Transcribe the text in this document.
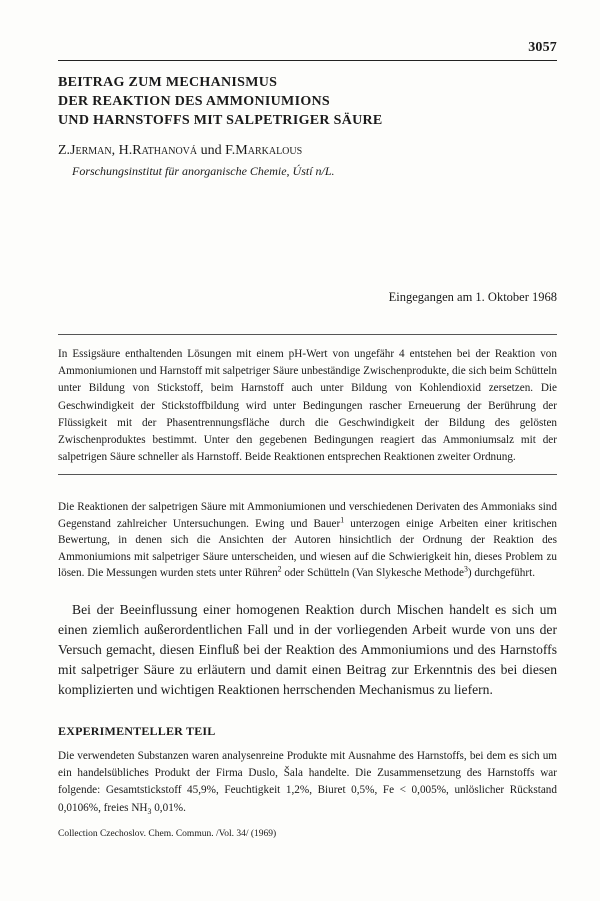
3057
BEITRAG ZUM MECHANISMUS
DER REAKTION DES AMMONIUMIONS
UND HARNSTOFFS MIT SALPETRIGER SÄURE
Z.Jerman, H.Rathanová und F.Markalous
Forschungsinstitut für anorganische Chemie, Ústí n/L.
Eingegangen am 1. Oktober 1968
In Essigsäure enthaltenden Lösungen mit einem pH-Wert von ungefähr 4 entstehen bei der Reaktion von Ammoniumionen und Harnstoff mit salpetriger Säure unbeständige Zwischenprodukte, die sich beim Schütteln unter Bildung von Stickstoff, beim Harnstoff auch unter Bildung von Kohlendioxid zersetzen. Die Geschwindigkeit der Stickstoffbildung wird unter Bedingungen rascher Erneuerung der Berührung der Flüssigkeit mit der Phasentrennungsfläche durch die Geschwindigkeit der Bildung des gelösten Zwischenproduktes bestimmt. Unter den gegebenen Bedingungen reagiert das Ammoniumsalz mit der salpetrigen Säure schneller als Harnstoff. Beide Reaktionen entsprechen Reaktionen zweiter Ordnung.
Die Reaktionen der salpetrigen Säure mit Ammoniumionen und verschiedenen Derivaten des Ammoniaks sind Gegenstand zahlreicher Untersuchungen. Ewing und Bauer$^1$ unterzogen einige Arbeiten einer kritischen Bewertung, in denen sich die Ansichten der Autoren hinsichtlich der Ordnung der Reaktion des Ammoniumions mit salpetriger Säure unterscheiden, und wiesen auf die Schwierigkeit hin, dieses Problem zu lösen. Die Messungen wurden stets unter Rühren$^2$ oder Schütteln (Van Slykesche Methode$^3$) durchgeführt.

Bei der Beeinflussung einer homogenen Reaktion durch Mischen handelt es sich um einen ziemlich außerordentlichen Fall und in der vorliegenden Arbeit wurde von uns der Versuch gemacht, diesen Einfluß bei der Reaktion des Ammoniumions und des Harnstoffs mit salpetriger Säure zu erläutern und damit einen Beitrag zur Erkenntnis des bei diesen komplizierten und wichtigen Reaktionen herrschenden Mechanismus zu liefern.

EXPERIMENTELLER TEIL
Die verwendeten Substanzen waren analysenreine Produkte mit Ausnahme des Harnstoffs, bei dem es sich um ein handelsübliches Produkt der Firma Duslo, Šala handelte. Die Zusammensetzung des Harnstoffs war folgende: Gesamtstickstoff 45,9%, Feuchtigkeit 1,2%, Biuret 0,5%, Fe < 0,005%, unlöslicher Rückstand 0,0106%, freies $NH_3$ 0,01%.
Collection Czechoslov. Chem. Commun. /Vol. 34/ (1969)
